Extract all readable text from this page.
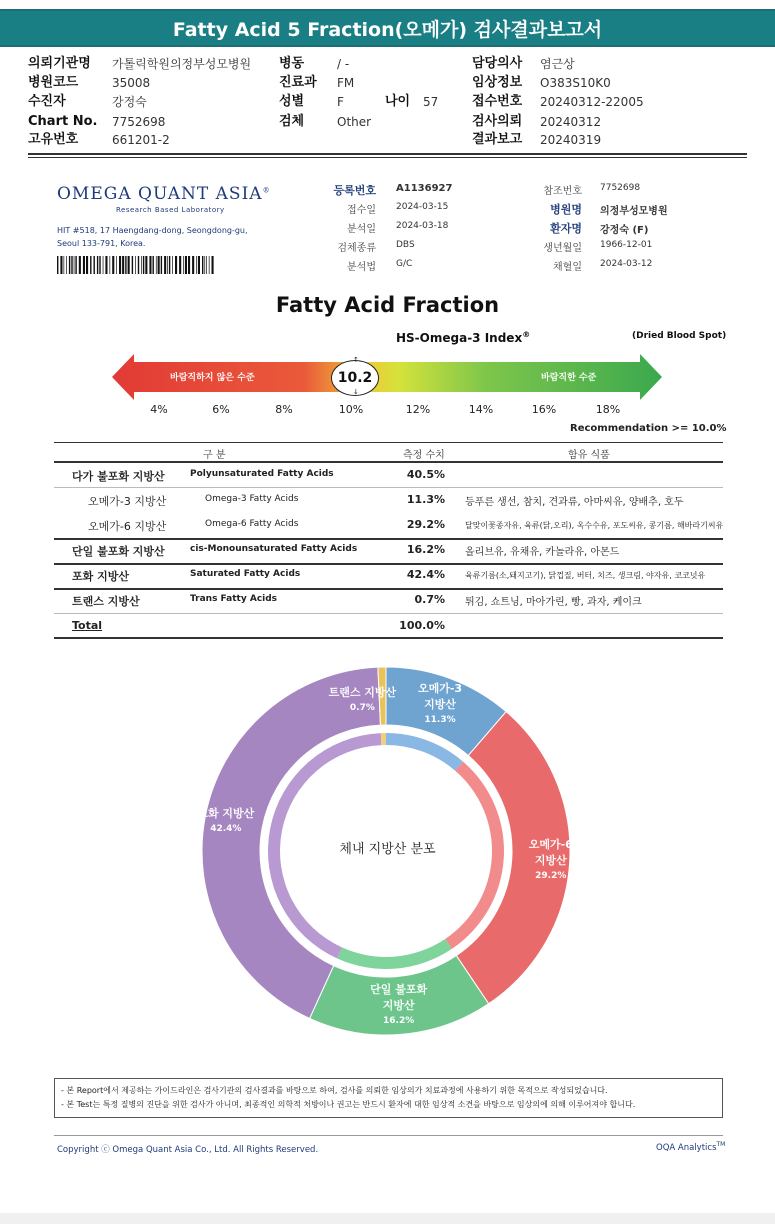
Fatty Acid 5 Fraction(오메가) 검사결과보고서
의뢰기관명 가톨릭학원의정부성모병원 병동	/ -	담당의사 염근상
병원코드	35008	진료과 FM	임상정보 O383S10K0
수진자	강정숙	성별	F	나이 57	접수번호 20240312-22005
Chart No. 7752698	검체	Other	검사의뢰 20240312
고유번호	661201-2	결과보고 20240319
OMEGA QUANT ASIA®
Research Based Laboratory
HIT #518, 17 Haengdang-dong, Seongdong-gu,
Seoul 133-791, Korea.
등록번호 A1136927
접수일 2024-03-15
분석일 2024-03-18
검체종류 DBS
분석법 G/C
참조번호 7752698
병원명 의정부성모병원
환자명 강정숙 (F)
생년월일 1966-12-01
채혈일 2024-03-12
Fatty Acid Fraction
HS-Omega-3 Index®	(Dried Blood Spot)
바람직하지 않은 수준	바람직한 수준
10.2
↑
↓
4%	6%	8%	10%	12%	14%	16%	18%
Recommendation >= 10.0%
구 분	측정 수치	함유 식품
다가 불포화 지방산	Polyunsaturated Fatty Acids	40.5%
오메가-3 지방산	Omega-3 Fatty Acids	11.3% 등푸른 생선, 참치, 견과류, 아마씨유, 양배추, 호두
오메가-6 지방산	Omega-6 Fatty Acids	29.2%	달맞이꽃종자유, 육류(닭,오리), 옥수수유, 포도씨유, 콩기름, 해바라기씨유
단일 불포화 지방산	cis-Monounsaturated Fatty Acids	16.2% 올리브유, 유채유, 카놀라유, 아몬드
포화 지방산	Saturated Fatty Acids	42.4%	육류기름(소,돼지고기), 닭껍질, 버터, 치즈, 생크림, 야자유, 코코넛유
트랜스 지방산	Trans Fatty Acids	0.7% 튀김, 쇼트닝, 마아가린, 빵, 과자, 케이크
Total	100.0%
체내 지방산 분포
오메가-3
지방산
11.3%
오메가-6
지방산
29.2%
단일 불포화
지방산
16.2%
포화 지방산
42.4%
트랜스 지방산
0.7%
- 본 Report에서 제공하는 가이드라인은 검사기관의 검사결과를 바탕으로 하여, 검사를 의뢰한 임상의가 치료과정에 사용하기 위한 목적으로 작성되었습니다.
- 본 Test는 특정 질병의 진단을 위한 검사가 아니며, 최종적인 의학적 처방이나 권고는 반드시 환자에 대한 임상적 소견을 바탕으로 임상의에 의해 이루어져야 합니다.
Copyright ⓒ Omega Quant Asia Co., Ltd. All Rights Reserved.	OQA Analytics™
